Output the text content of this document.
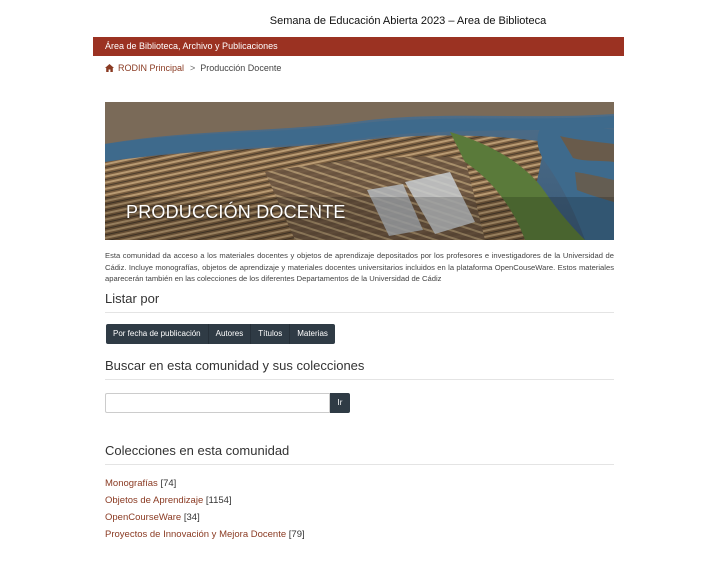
Semana de Educación Abierta 2023 – Area de Biblioteca
Área de Biblioteca, Archivo y Publicaciones
RODIN Principal > Producción Docente
PRODUCCIÓN DOCENTE

Esta comunidad da acceso a los materiales docentes y objetos de aprendizaje depositados por los profesores e investigadores de la Universidad de Cádiz. Incluye monografías, objetos de aprendizaje y materiales docentes universitarios incluidos en la plataforma OpenCouseWare. Estos materiales aparecerán también en las colecciones de los diferentes Departamentos de la Universidad de Cádiz

Listar por
Por fecha de publicación	Autores	Títulos	Materias
Buscar en esta comunidad y sus colecciones
Ir
Colecciones en esta comunidad
Monografías [74]
Objetos de Aprendizaje [1154]
OpenCourseWare [34]
Proyectos de Innovación y Mejora Docente [79]
